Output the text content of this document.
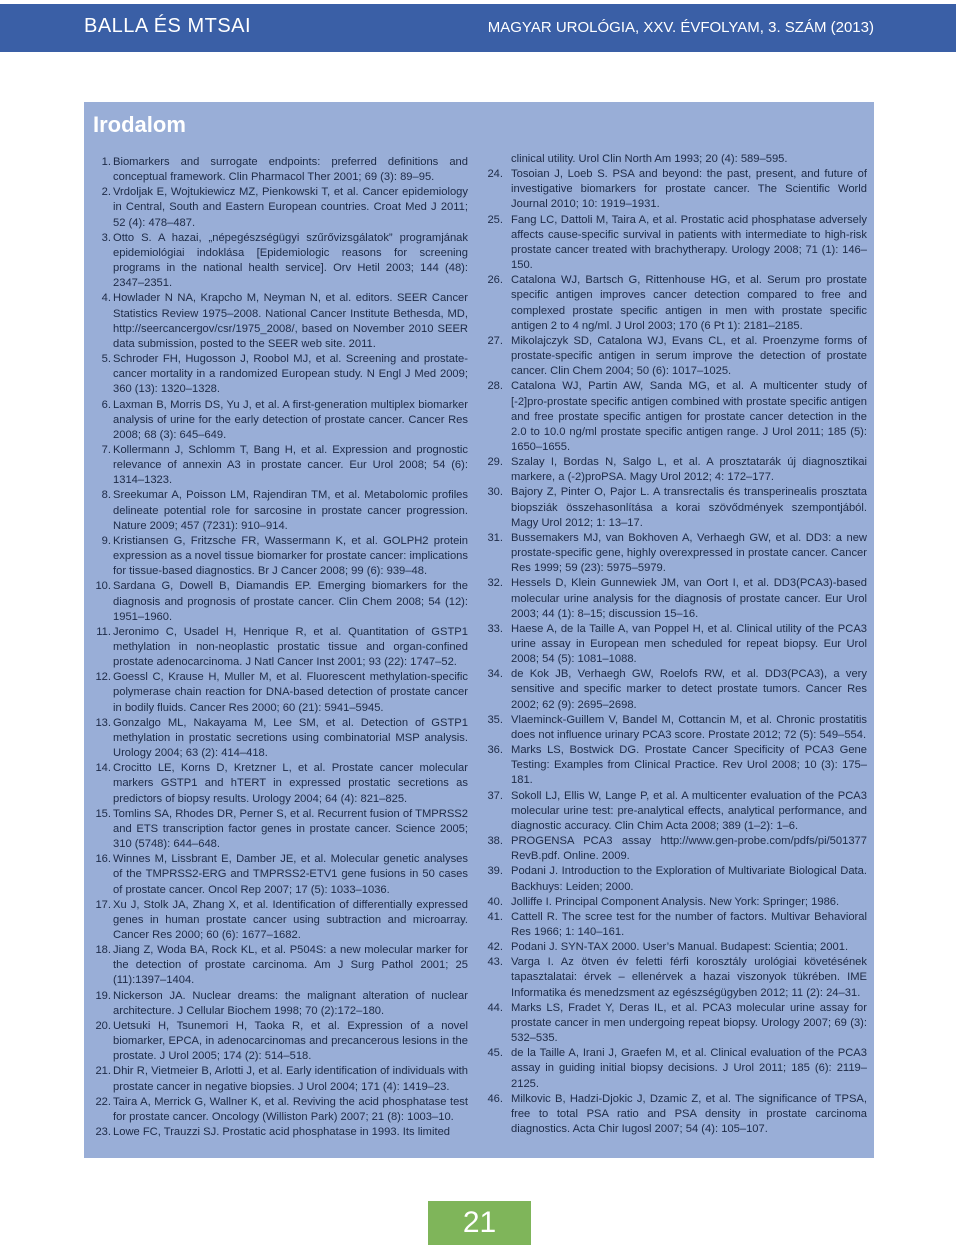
BALLA ÉS MTSAI	MAGYAR UROLÓGIA, XXV. ÉVFOLYAM, 3. SZÁM (2013)
Irodalom
1. Biomarkers and surrogate endpoints: preferred definitions and conceptual framework. Clin Pharmacol Ther 2001; 69 (3): 89–95.
2. Vrdoljak E, Wojtukiewicz MZ, Pienkowski T, et al. Cancer epidemiology in Central, South and Eastern European countries. Croat Med J 2011; 52 (4): 478–487.
3. Otto S. A hazai, „népegészségügyi szűrővizsgálatok” programjának epidemiológiai indoklása [Epidemiologic reasons for screening programs in the national health service]. Orv Hetil 2003; 144 (48): 2347–2351.
4. Howlader N NA, Krapcho M, Neyman N, et al. editors. SEER Cancer Statistics Review 1975–2008. National Cancer Institute Bethesda, MD, http://seercancergov/csr/1975_2008/, based on November 2010 SEER data submission, posted to the SEER web site. 2011.
5. Schroder FH, Hugosson J, Roobol MJ, et al. Screening and prostate-cancer mortality in a randomized European study. N Engl J Med 2009; 360 (13): 1320–1328.
6. Laxman B, Morris DS, Yu J, et al. A first-generation multiplex biomarker analysis of urine for the early detection of prostate cancer. Cancer Res 2008; 68 (3): 645–649.
7. Kollermann J, Schlomm T, Bang H, et al. Expression and prognostic relevance of annexin A3 in prostate cancer. Eur Urol 2008; 54 (6): 1314–1323.
8. Sreekumar A, Poisson LM, Rajendiran TM, et al. Metabolomic profiles delineate potential role for sarcosine in prostate cancer progression. Nature 2009; 457 (7231): 910–914.
9. Kristiansen G, Fritzsche FR, Wassermann K, et al. GOLPH2 protein expression as a novel tissue biomarker for prostate cancer: implications for tissue-based diagnostics. Br J Cancer 2008; 99 (6): 939–48.
10. Sardana G, Dowell B, Diamandis EP. Emerging biomarkers for the diagnosis and prognosis of prostate cancer. Clin Chem 2008; 54 (12): 1951–1960.
11. Jeronimo C, Usadel H, Henrique R, et al. Quantitation of GSTP1 methylation in non-neoplastic prostatic tissue and organ-confined prostate adenocarcinoma. J Natl Cancer Inst 2001; 93 (22): 1747–52.
12. Goessl C, Krause H, Muller M, et al. Fluorescent methylation-specific polymerase chain reaction for DNA-based detection of prostate cancer in bodily fluids. Cancer Res 2000; 60 (21): 5941–5945.
13. Gonzalgo ML, Nakayama M, Lee SM, et al. Detection of GSTP1 methylation in prostatic secretions using combinatorial MSP analysis. Urology 2004; 63 (2): 414–418.
14. Crocitto LE, Korns D, Kretzner L, et al. Prostate cancer molecular markers GSTP1 and hTERT in expressed prostatic secretions as predictors of biopsy results. Urology 2004; 64 (4): 821–825.
15. Tomlins SA, Rhodes DR, Perner S, et al. Recurrent fusion of TMPRSS2 and ETS transcription factor genes in prostate cancer. Science 2005; 310 (5748): 644–648.
16. Winnes M, Lissbrant E, Damber JE, et al. Molecular genetic analyses of the TMPRSS2-ERG and TMPRSS2-ETV1 gene fusions in 50 cases of prostate cancer. Oncol Rep 2007; 17 (5): 1033–1036.
17. Xu J, Stolk JA, Zhang X, et al. Identification of differentially expressed genes in human prostate cancer using subtraction and microarray. Cancer Res 2000; 60 (6): 1677–1682.
18. Jiang Z, Woda BA, Rock KL, et al. P504S: a new molecular marker for the detection of prostate carcinoma. Am J Surg Pathol 2001; 25 (11):1397–1404.
19. Nickerson JA. Nuclear dreams: the malignant alteration of nuclear architecture. J Cellular Biochem 1998; 70 (2):172–180.
20. Uetsuki H, Tsunemori H, Taoka R, et al. Expression of a novel biomarker, EPCA, in adenocarcinomas and precancerous lesions in the prostate. J Urol 2005; 174 (2): 514–518.
21. Dhir R, Vietmeier B, Arlotti J, et al. Early identification of individuals with prostate cancer in negative biopsies. J Urol 2004; 171 (4): 1419–23.
22. Taira A, Merrick G, Wallner K, et al. Reviving the acid phosphatase test for prostate cancer. Oncology (Williston Park) 2007; 21 (8): 1003–10.
23. Lowe FC, Trauzzi SJ. Prostatic acid phosphatase in 1993. Its limited
clinical utility. Urol Clin North Am 1993; 20 (4): 589–595.
24. Tosoian J, Loeb S. PSA and beyond: the past, present, and future of investigative biomarkers for prostate cancer. The Scientific World Journal 2010; 10: 1919–1931.
25. Fang LC, Dattoli M, Taira A, et al. Prostatic acid phosphatase adversely affects cause-specific survival in patients with intermediate to high-risk prostate cancer treated with brachytherapy. Urology 2008; 71 (1): 146–150.
26. Catalona WJ, Bartsch G, Rittenhouse HG, et al. Serum pro prostate specific antigen improves cancer detection compared to free and complexed prostate specific antigen in men with prostate specific antigen 2 to 4 ng/ml. J Urol 2003; 170 (6 Pt 1): 2181–2185.
27. Mikolajczyk SD, Catalona WJ, Evans CL, et al. Proenzyme forms of prostate-specific antigen in serum improve the detection of prostate cancer. Clin Chem 2004; 50 (6): 1017–1025.
28. Catalona WJ, Partin AW, Sanda MG, et al. A multicenter study of [-2]pro-prostate specific antigen combined with prostate specific antigen and free prostate specific antigen for prostate cancer detection in the 2.0 to 10.0 ng/ml prostate specific antigen range. J Urol 2011; 185 (5): 1650–1655.
29. Szalay I, Bordas N, Salgo L, et al. A prosztatarák új diagnosztikai markere, a (-2)proPSA. Magy Urol 2012; 4: 172–177.
30. Bajory Z, Pinter O, Pajor L. A transrectalis és transperinealis prosztata biopsziák összehasonlítása a korai szövődmények szempontjából. Magy Urol 2012; 1: 13–17.
31. Bussemakers MJ, van Bokhoven A, Verhaegh GW, et al. DD3: a new prostate-specific gene, highly overexpressed in prostate cancer. Cancer Res 1999; 59 (23): 5975–5979.
32. Hessels D, Klein Gunnewiek JM, van Oort I, et al. DD3(PCA3)-based molecular urine analysis for the diagnosis of prostate cancer. Eur Urol 2003; 44 (1): 8–15; discussion 15–16.
33. Haese A, de la Taille A, van Poppel H, et al. Clinical utility of the PCA3 urine assay in European men scheduled for repeat biopsy. Eur Urol 2008; 54 (5): 1081–1088.
34. de Kok JB, Verhaegh GW, Roelofs RW, et al. DD3(PCA3), a very sensitive and specific marker to detect prostate tumors. Cancer Res 2002; 62 (9): 2695–2698.
35. Vlaeminck-Guillem V, Bandel M, Cottancin M, et al. Chronic prostatitis does not influence urinary PCA3 score. Prostate 2012; 72 (5): 549–554.
36. Marks LS, Bostwick DG. Prostate Cancer Specificity of PCA3 Gene Testing: Examples from Clinical Practice. Rev Urol 2008; 10 (3): 175–181.
37. Sokoll LJ, Ellis W, Lange P, et al. A multicenter evaluation of the PCA3 molecular urine test: pre-analytical effects, analytical performance, and diagnostic accuracy. Clin Chim Acta 2008; 389 (1–2): 1–6.
38. PROGENSA PCA3 assay http://www.gen-probe.com/pdfs/pi/501377 RevB.pdf. Online. 2009.
39. Podani J. Introduction to the Exploration of Multivariate Biological Data. Backhuys: Leiden; 2000.
40. Jolliffe I. Principal Component Analysis. New York: Springer; 1986.
41. Cattell R. The scree test for the number of factors. Multivar Behavioral Res 1966; 1: 140–161.
42. Podani J. SYN-TAX 2000. User’s Manual. Budapest: Scientia; 2001.
43. Varga I. Az ötven év feletti férfi korosztály urológiai követésének tapasztalatai: érvek – ellenérvek a hazai viszonyok tükrében. IME Informatika és menedzsment az egészségügyben 2012; 11 (2): 24–31.
44. Marks LS, Fradet Y, Deras IL, et al. PCA3 molecular urine assay for prostate cancer in men undergoing repeat biopsy. Urology 2007; 69 (3): 532–535.
45. de la Taille A, Irani J, Graefen M, et al. Clinical evaluation of the PCA3 assay in guiding initial biopsy decisions. J Urol 2011; 185 (6): 2119–2125.
46. Milkovic B, Hadzi-Djokic J, Dzamic Z, et al. The significance of TPSA, free to total PSA ratio and PSA density in prostate carcinoma diagnostics. Acta Chir Iugosl 2007; 54 (4): 105–107.
21
